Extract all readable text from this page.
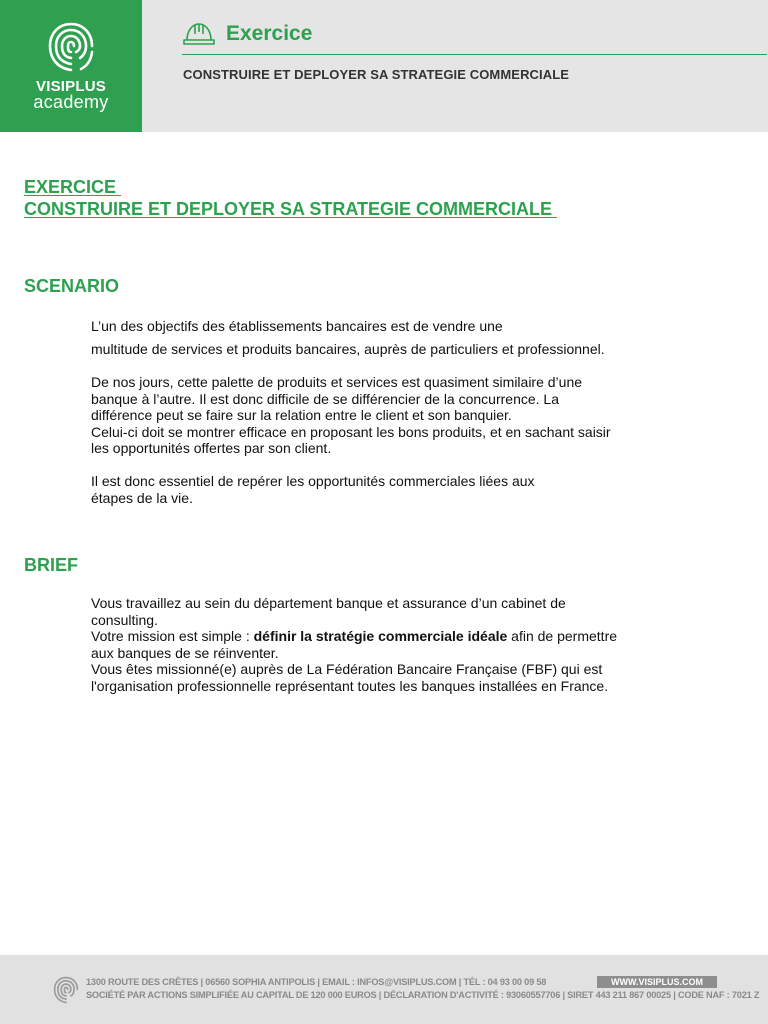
VISIPLUS
academy
Exercice
CONSTRUIRE ET DEPLOYER SA STRATEGIE COMMERCIALE
EXERCICE
CONSTRUIRE ET DEPLOYER SA STRATEGIE COMMERCIALE
SCENARIO
L’un des objectifs des établissements bancaires est de vendre une
multitude de services et produits bancaires, auprès de particuliers et professionnel.
De nos jours, cette palette de produits et services est quasiment similaire d’une
banque à l’autre. Il est donc difficile de se différencier de la concurrence. La
différence peut se faire sur la relation entre le client et son banquier.
Celui-ci doit se montrer efficace en proposant les bons produits, et en sachant saisir
les opportunités offertes par son client.
Il est donc essentiel de repérer les opportunités commerciales liées aux
étapes de la vie.
BRIEF
Vous travaillez au sein du département banque et assurance d’un cabinet de
consulting.
Votre mission est simple : définir la stratégie commerciale idéale afin de permettre
aux banques de se réinventer.
Vous êtes missionné(e) auprès de La Fédération Bancaire Française (FBF) qui est
l'organisation professionnelle représentant toutes les banques installées en France.
1300 ROUTE DES CRÊTES | 06560 SOPHIA ANTIPOLIS | EMAIL : INFOS@VISIPLUS.COM | TÉL : 04 93 00 09 58
SOCIÉTÉ PAR ACTIONS SIMPLIFIÉE AU CAPITAL DE 120 000 EUROS | DÉCLARATION D'ACTIVITÉ : 93060557706 | SIRET 443 211 867 00025 | CODE NAF : 7021 Z
WWW.VISIPLUS.COM
